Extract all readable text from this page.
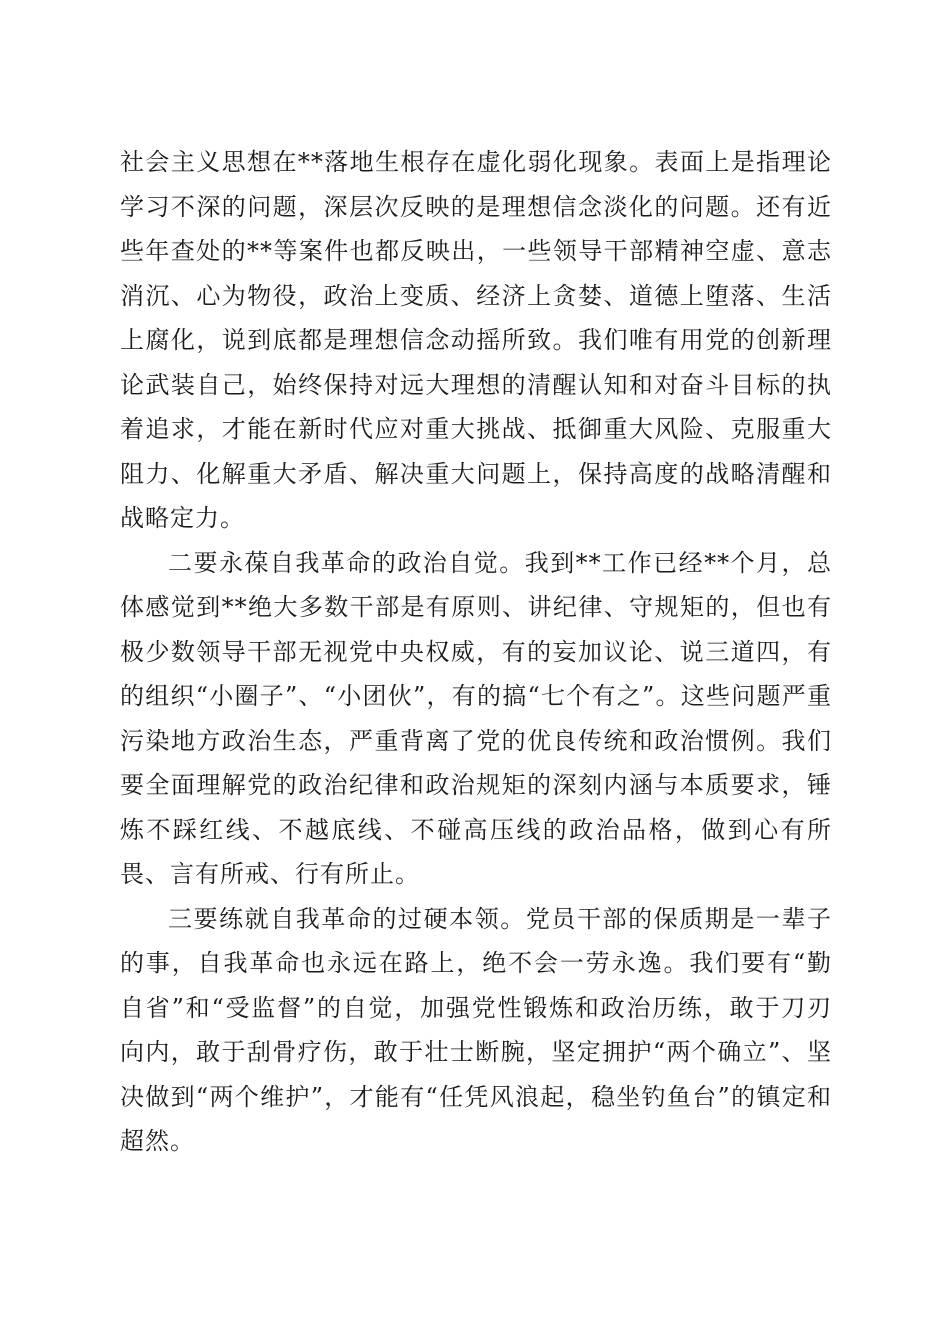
社会主义思想在**落地生根存在虚化弱化现象。表面上是指理论学习不深的问题，深层次反映的是理想信念淡化的问题。还有近些年查处的**等案件也都反映出，一些领导干部精神空虚、意志消沉、心为物役，政治上变质、经济上贪婪、道德上堕落、生活上腐化，说到底都是理想信念动摇所致。我们唯有用党的创新理论武装自己，始终保持对远大理想的清醒认知和对奋斗目标的执着追求，才能在新时代应对重大挑战、抵御重大风险、克服重大阻力、化解重大矛盾、解决重大问题上，保持高度的战略清醒和战略定力。

二要永葆自我革命的政治自觉。我到**工作已经**个月，总体感觉到**绝大多数干部是有原则、讲纪律、守规矩的，但也有极少数领导干部无视党中央权威，有的妄加议论、说三道四，有的组织“小圈子”、“小团伙”，有的搞“七个有之”。这些问题严重污染地方政治生态，严重背离了党的优良传统和政治惯例。我们要全面理解党的政治纪律和政治规矩的深刻内涵与本质要求，锤炼不踩红线、不越底线、不碰高压线的政治品格，做到心有所畏、言有所戒、行有所止。

三要练就自我革命的过硬本领。党员干部的保质期是一辈子的事，自我革命也永远在路上，绝不会一劳永逸。我们要有“勤自省”和“受监督”的自觉，加强党性锻炼和政治历练，敢于刀刃向内，敢于刮骨疗伤，敢于壮士断腕，坚定拥护“两个确立”、坚决做到“两个维护”，才能有“任凭风浪起，稳坐钓鱼台”的镇定和超然。
